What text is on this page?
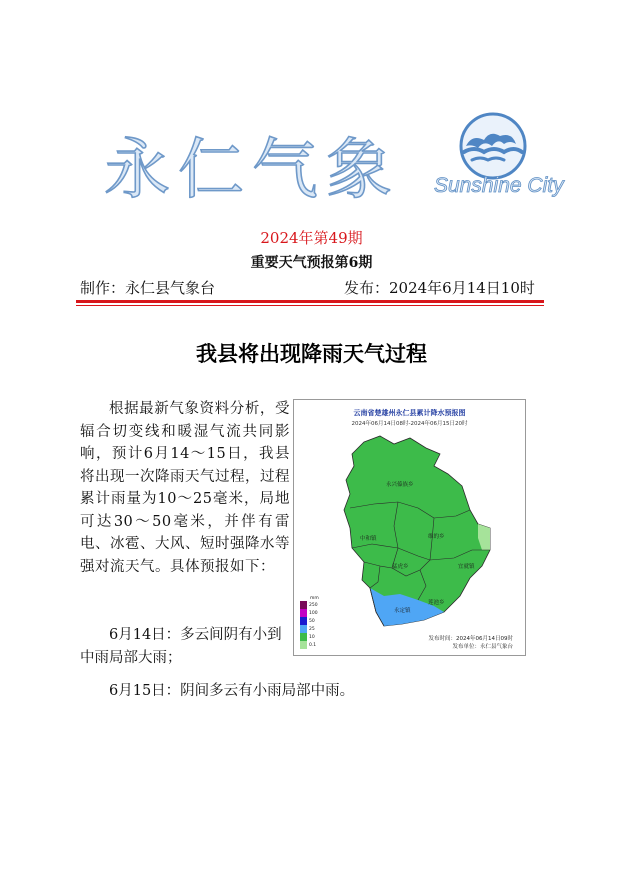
永仁气象 Sunshine City
2024年第49期
重要天气预报第6期
制作：永仁县气象台	发布：2024年6月14日10时
我县将出现降雨天气过程

根据最新气象资料分析，受辐合切变线和暖湿气流共同影响，预计6月14～15日，我县将出现一次降雨天气过程，过程累计雨量为10～25毫米，局地可达30～50毫米，并伴有雷电、冰雹、大风、短时强降水等强对流天气。具体预报如下：

6月14日：多云间阴有小到中雨局部大雨；

6月15日：阴间多云有小雨局部中雨。

云南省楚雄州永仁县累计降水预报图
2024年06月14日08时-2024年06月15日20时
永兴傣族乡
中和镇
猛虎乡	宜就镇
莲池乡
永定镇
维的乡
mm
250
100
50
25
10
0.1
发布时间：2024年06月14日09时
发布单位：永仁县气象台
